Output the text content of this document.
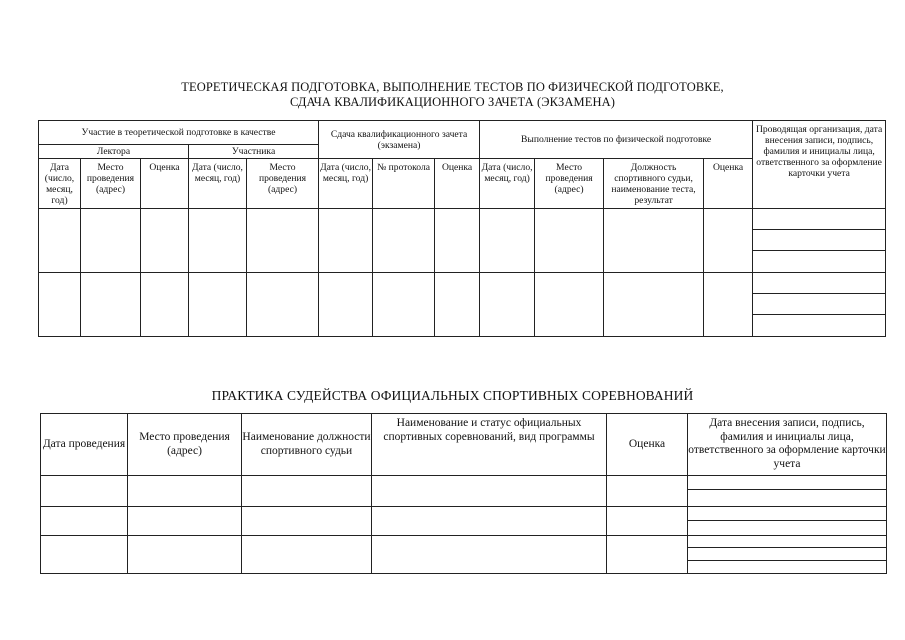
ТЕОРЕТИЧЕСКАЯ ПОДГОТОВКА, ВЫПОЛНЕНИЕ ТЕСТОВ ПО ФИЗИЧЕСКОЙ ПОДГОТОВКЕ,
СДАЧА КВАЛИФИКАЦИОННОГО ЗАЧЕТА (ЭКЗАМЕНА)
Участие в теоретической подготовке в качестве					Сдача квалификационного зачета (экзамена)			Выполнение тестов по физической подготовке				Проводящая организация, дата внесения записи, подпись, фамилия и инициалы лица, ответственного за оформление карточки учета
Лектора			Участника									
Дата (число, месяц, год)	Место проведения (адрес)	Оценка	Дата (число, месяц, год)	Место проведения (адрес)	Дата (число, месяц, год)	№ протокола	Оценка	Дата (число, месяц, год)	Место проведения (адрес)	Должность спортивного судьи, наименование теста, результат	Оценка	

ПРАКТИКА СУДЕЙСТВА ОФИЦИАЛЬНЫХ СПОРТИВНЫХ СОРЕВНОВАНИЙ
Дата проведения	Место проведения (адрес)	Наименование должности спортивного судьи	Наименование и статус официальных спортивных соревнований, вид программы	Оценка	Дата внесения записи, подпись, фамилия и инициалы лица, ответственного за оформление карточки учета
